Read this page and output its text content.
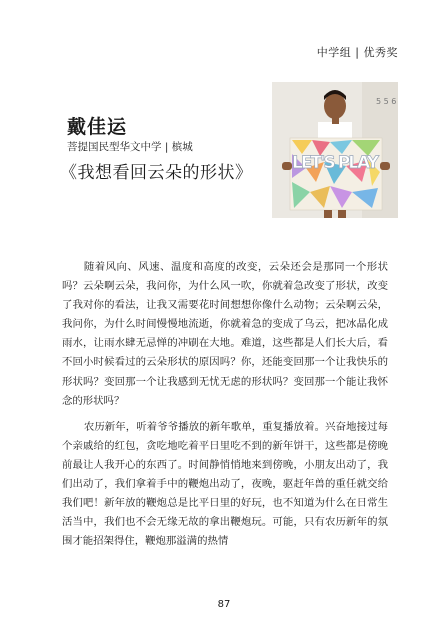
中学组 | 优秀奖
戴佳运
菩提国民型华文中学 | 槟城
《我想看回云朵的形状》
5 5 6
LET'S PLAY

随着风向、风速、温度和高度的改变，云朵还会是那同一个形状吗？云朵啊云朵，我问你，为什么风一吹，你就着急改变了形状，改变了我对你的看法，让我又需要花时间想想你像什么动物；云朵啊云朵，我问你，为什么时间慢慢地流逝，你就着急的变成了乌云，把冰晶化成雨水，让雨水肆无忌惮的冲刷在大地。难道，这些都是人们长大后，看不回小时候看过的云朵形状的原因吗？你，还能变回那一个让我快乐的形状吗？变回那一个让我感到无忧无虑的形状吗？变回那一个能让我怀念的形状吗？

农历新年，听着爷爷播放的新年歌单，重复播放着。兴奋地接过每个亲戚给的红包，贪吃地吃着平日里吃不到的新年饼干，这些都是傍晚前最让人我开心的东西了。时间静悄悄地来到傍晚，小朋友出动了，我们出动了，我们拿着手中的鞭炮出动了，夜晚，驱赶年兽的重任就交给我们吧！新年放的鞭炮总是比平日里的好玩，也不知道为什么在日常生活当中，我们也不会无缘无故的拿出鞭炮玩。可能，只有农历新年的氛围才能招架得住，鞭炮那溢满的热情

87
